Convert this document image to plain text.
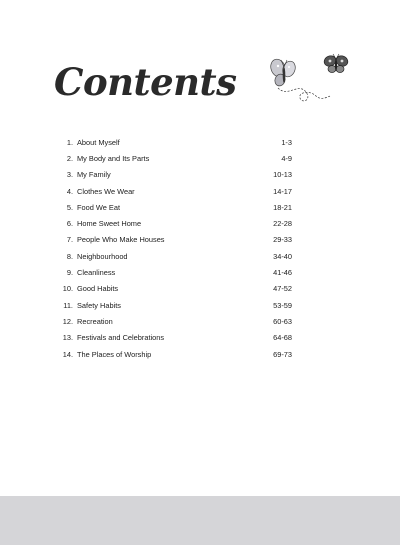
Contents
1. About Myself	1-3
2. My Body and Its Parts	4-9
3. My Family	10-13
4. Clothes We Wear	14-17
5. Food We Eat	18-21
6. Home Sweet Home	22-28
7. People Who Make Houses	29-33
8. Neighbourhood	34-40
9. Cleanliness	41-46
10. Good Habits	47-52
11. Safety Habits	53-59
12. Recreation	60-63
13. Festivals and Celebrations	64-68
14. The Places of Worship	69-73
